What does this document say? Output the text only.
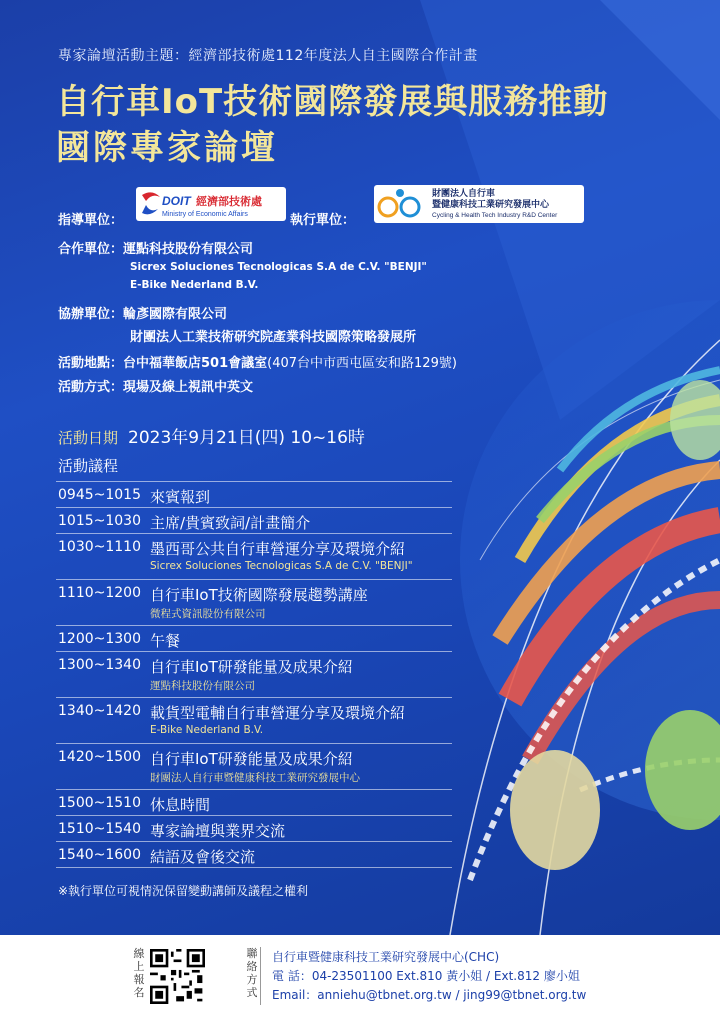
專家論壇活動主題：經濟部技術處112年度法人自主國際合作計畫
自行車IoT技術國際發展與服務推動
國際專家論壇
指導單位：
DOIT 經濟部技術處
Ministry of Economic Affairs	執行單位：
財團法人自行車
暨健康科技工業研究發展中心
Cycling & Health Tech Industry R&D Center
合作單位：運點科技股份有限公司
Sicrex Soluciones Tecnologicas S.A de C.V. "BENJI"
E-Bike Nederland B.V.
協辦單位：輪彥國際有限公司
財團法人工業技術研究院產業科技國際策略發展所
活動地點：台中福華飯店501會議室(407台中市西屯區安和路129號)
活動方式：現場及線上視訊中英文
活動日期 2023年9月21日(四) 10~16時
活動議程
0945~1015 來賓報到
1015~1030 主席/貴賓致詞/計畫簡介
1030~1110 墨西哥公共自行車營運分享及環境介紹
Sicrex Soluciones Tecnologicas S.A de C.V. "BENJI"
1110~1200 自行車IoT技術國際發展趨勢講座
微程式資訊股份有限公司
1200~1300 午餐
1300~1340 自行車IoT研發能量及成果介紹
運點科技股份有限公司
1340~1420 載貨型電輔自行車營運分享及環境介紹
E-Bike Nederland B.V.
1420~1500 自行車IoT研發能量及成果介紹
財團法人自行車暨健康科技工業研究發展中心
1500~1510 休息時間
1510~1540 專家論壇與業界交流
1540~1600 結語及會後交流
※執行單位可視情況保留變動講師及議程之權利
線上報名
聯絡方式
自行車暨健康科技工業研究發展中心(CHC)
電 話：04-23501100 Ext.810 黃小姐 / Ext.812 廖小姐
Email：anniehu@tbnet.org.tw / jing99@tbnet.org.tw
